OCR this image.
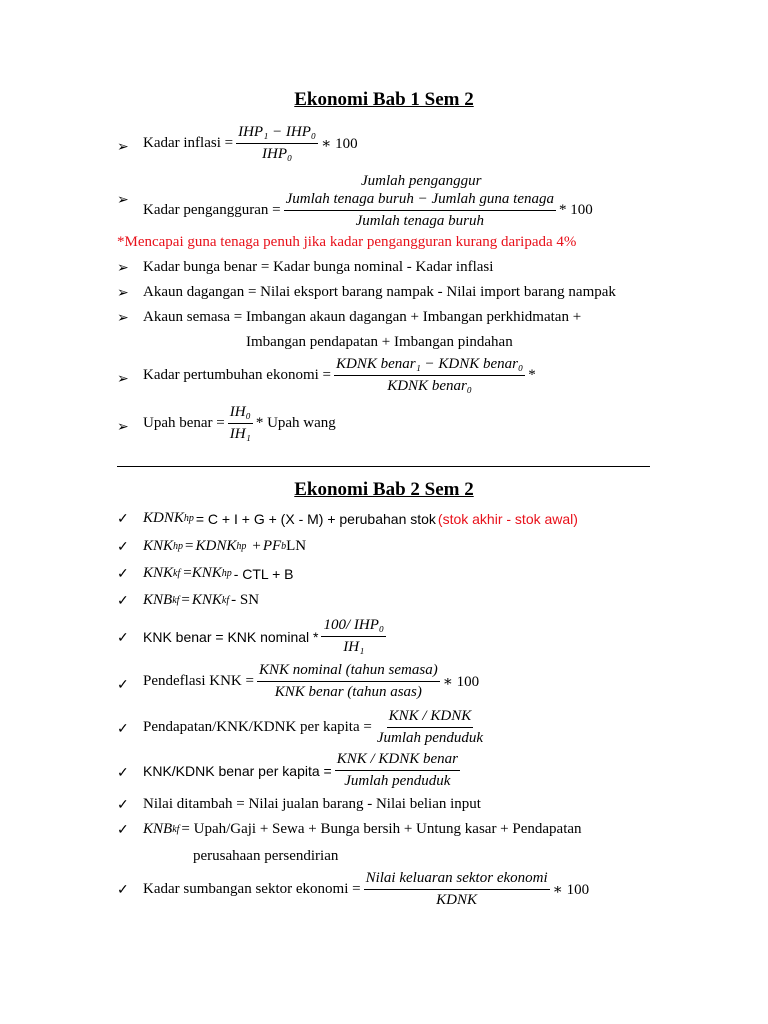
Ekonomi Bab 1 Sem 2
➢ Kadar inflasi = $\frac{\text{IHP₁ − IHP₀}}{\text{IHP₀}}$ ∗ 100
Jumlah penganggur
➢
Kadar pengangguran = $\frac{\text{Jumlah tenaga buruh − Jumlah guna tenaga}}{\text{Jumlah tenaga buruh}} * 100$
*Mencapai guna tenaga penuh jika kadar pengangguran kurang daripada 4%
➢ Kadar bunga benar = Kadar bunga nominal - Kadar inflasi
➢ Akaun dagangan = Nilai eksport barang nampak - Nilai import barang nampak
➢ Akaun semasa = Imbangan akaun dagangan + Imbangan perkhidmatan +
Imbangan pendapatan + Imbangan pindahan
➢ Kadar pertumbuhan ekonomi = $\frac{\text{KDNK benar₁ − KDNK benar₀}}{\text{KDNK benar₀}}$ *
➢ Upah benar = $\frac{\text{IH₀}}{\text{IH₁}}$ * Upah wang
Ekonomi Bab 2 Sem 2
✓ KDNK hp = C + I + G + (X - M) + perubahan stok (stok akhir - stok awal)
✓ KNK hp = KDNK hp + PF b LN
✓ KNK kf = KNK hp - CTL + B
✓ KNB kf = KNK kf - SN
✓ KNK benar = KNK nominal * $\frac{\text{100/ IHP₀}}{\text{IH₁}}$
✓ Pendeflasi KNK = $\frac{\text{KNK nominal (tahun semasa)}}{\text{KNK benar (tahun asas)}}$ ∗ 100
✓ Pendapatan/KNK/KDNK per kapita = $\frac{\text{KNK / KDNK}}{\text{Jumlah penduduk}}$
✓ KNK/KDNK benar per kapita = $\frac{\text{KNK / KDNK benar}}{\text{Jumlah penduduk}}$
✓ Nilai ditambah = Nilai jualan barang - Nilai belian input
✓ KNB kf = Upah/Gaji + Sewa + Bunga bersih + Untung kasar + Pendapatan
perusahaan persendirian
✓ Kadar sumbangan sektor ekonomi = $\frac{\text{Nilai keluaran sektor ekonomi}}{\text{KDNK}}$ ∗ 100
